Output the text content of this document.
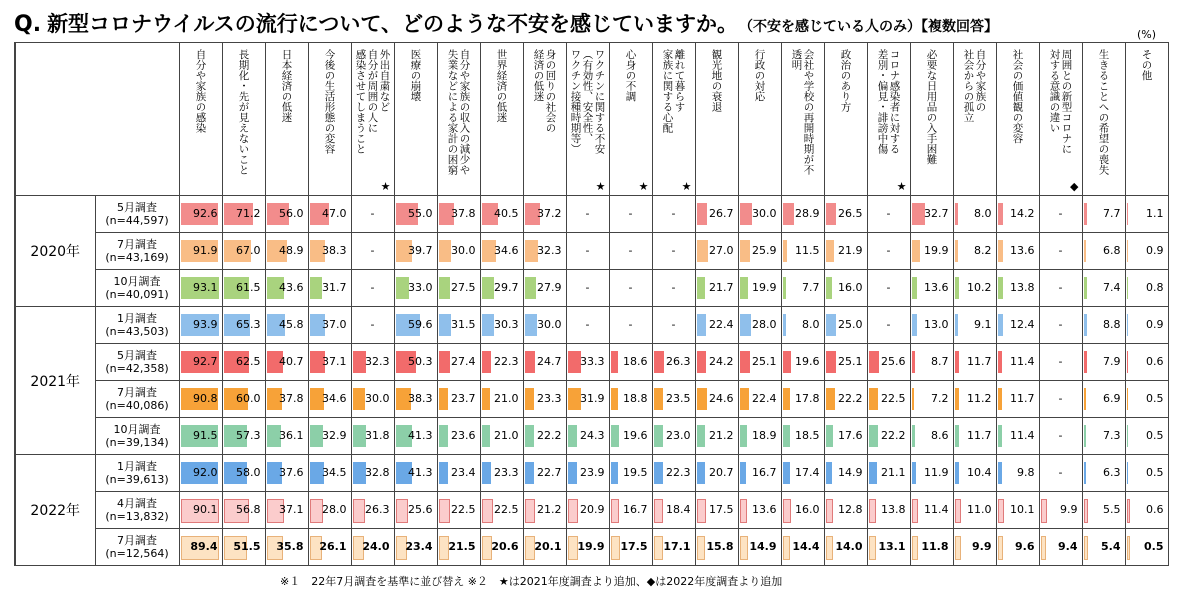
Q. 新型コロナウイルスの流行について、どのような不安を感じていますか。 （不安を感じている人のみ）【複数回答】	(%)

		自分や家族の感染	長期化・先が見えないこと	日本経済の低迷	今後の生活形態の変容	外出自粛など
自分が周囲の人に
感染させてしまうこと
★	医療の崩壊	自分や家族の収入の減少や
失業などによる家計の困窮	世界経済の低迷	身の回りの社会の
経済の低迷	ワクチンに関する不安
（有効性、安全性、
ワクチン接種時期等）
★	心身の不調
★	離れて暮らす
家族に関する心配
★	観光地の衰退	行政の対応	会社や学校の再開時期が不
透明	政治のあり方	コロナ感染者に対する
差別・偏見・誹謗中傷
★	必要な日用品の入手困難	自分や家族の
社会からの孤立	社会の価値観の変容	周囲との新型コロナに
対する意識の違い
◆	生きることへの希望の喪失	その他

2020年	5月調査
(n=44,597)	92.6	71.2	56.0	47.0	-	55.0	37.8	40.5	37.2	-	-	-	26.7	30.0	28.9	26.5	-	32.7	8.0	14.2	-	7.7	1.1

	7月調査
(n=43,169)	91.9	67.0	48.9	38.3	-	39.7	30.0	34.6	32.3	-	-	-	27.0	25.9	11.5	21.9	-	19.9	8.2	13.6	-	6.8	0.9

	10月調査
(n=40,091)	93.1	61.5	43.6	31.7	-	33.0	27.5	29.7	27.9	-	-	-	21.7	19.9	7.7	16.0	-	13.6	10.2	13.8	-	7.4	0.8

2021年	1月調査
(n=43,503)	93.9	65.3	45.8	37.0	-	59.6	31.5	30.3	30.0	-	-	-	22.4	28.0	8.0	25.0	-	13.0	9.1	12.4	-	8.8	0.9

	5月調査
(n=42,358)	92.7	62.5	40.7	37.1	32.3	50.3	27.4	22.3	24.7	33.3	18.6	26.3	24.2	25.1	19.6	25.1	25.6	8.7	11.7	11.4	-	7.9	0.6

	7月調査
(n=40,086)	90.8	60.0	37.8	34.6	30.0	38.3	23.7	21.0	23.3	31.9	18.8	23.5	24.6	22.4	17.8	22.2	22.5	7.2	11.2	11.7	-	6.9	0.5

	10月調査
(n=39,134)	91.5	57.3	36.1	32.9	31.8	41.3	23.6	21.0	22.2	24.3	19.6	23.0	21.2	18.9	18.5	17.6	22.2	8.6	11.7	11.4	-	7.3	0.5

2022年	1月調査
(n=39,613)	92.0	58.0	37.6	34.5	32.8	41.3	23.4	23.3	22.7	23.9	19.5	22.3	20.7	16.7	17.4	14.9	21.1	11.9	10.4	9.8	-	6.3	0.5

	4月調査
(n=13,832)	90.1	56.8	37.1	28.0	26.3	25.6	22.5	22.5	21.2	20.9	16.7	18.4	17.5	13.6	16.0	12.8	13.8	11.4	11.0	10.1	9.9	5.5	0.6

	7月調査
(n=12,564)	89.4	51.5	35.8	26.1	24.0	23.4	21.5	20.6	20.1	19.9	17.5	17.1	15.8	14.9	14.4	14.0	13.1	11.8	9.9	9.6	9.4	5.4	0.5
※１　22年7月調査を基準に並び替え ※２　★は2021年度調査より追加、◆は2022年度調査より追加
